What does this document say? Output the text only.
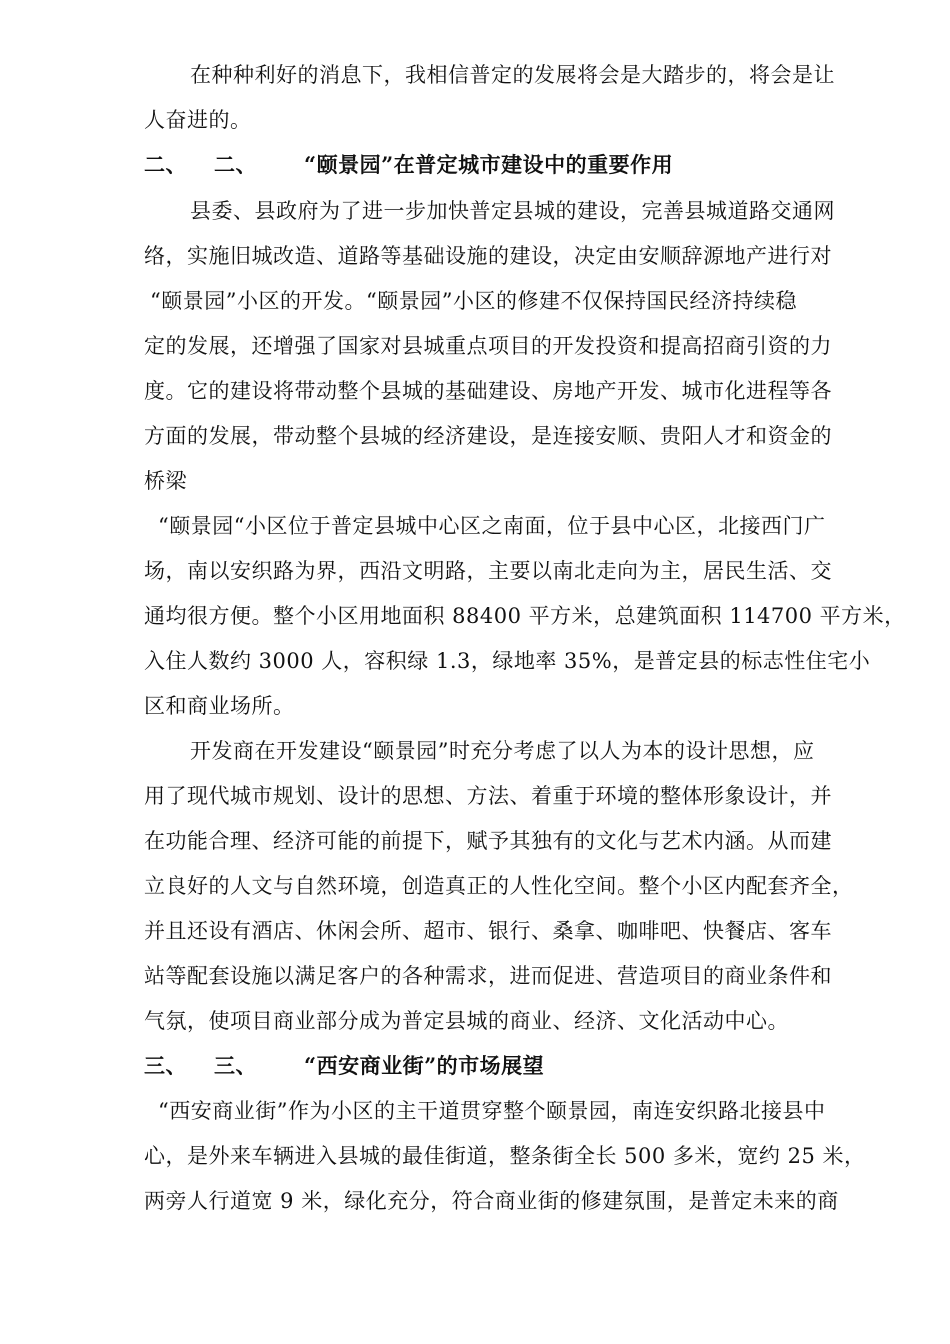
在种种利好的消息下，我相信普定的发展将会是大踏步的，将会是让
人奋进的。
二、 二、 “颐景园”在普定城市建设中的重要作用
县委、县政府为了进一步加快普定县城的建设，完善县城道路交通网
络，实施旧城改造、道路等基础设施的建设，决定由安顺辞源地产进行对
“颐景园”小区的开发。“颐景园”小区的修建不仅保持国民经济持续稳
定的发展，还增强了国家对县城重点项目的开发投资和提高招商引资的力
度。它的建设将带动整个县城的基础建设、房地产开发、城市化进程等各
方面的发展，带动整个县城的经济建设，是连接安顺、贵阳人才和资金的
桥梁
“颐景园“小区位于普定县城中心区之南面，位于县中心区，北接西门广
场，南以安织路为界，西沿文明路，主要以南北走向为主，居民生活、交
通均很方便。整个小区用地面积 88400 平方米，总建筑面积 114700 平方米，
入住人数约 3000 人，容积绿 1.3，绿地率 35%，是普定县的标志性住宅小
区和商业场所。
开发商在开发建设“颐景园”时充分考虑了以人为本的设计思想，应
用了现代城市规划、设计的思想、方法、着重于环境的整体形象设计，并
在功能合理、经济可能的前提下，赋予其独有的文化与艺术内涵。从而建
立良好的人文与自然环境，创造真正的人性化空间。整个小区内配套齐全，
并且还设有酒店、休闲会所、超市、银行、桑拿、咖啡吧、快餐店、客车
站等配套设施以满足客户的各种需求，进而促进、营造项目的商业条件和
气氛，使项目商业部分成为普定县城的商业、经济、文化活动中心。
三、 三、 “西安商业街”的市场展望
“西安商业街”作为小区的主干道贯穿整个颐景园，南连安织路北接县中
心，是外来车辆进入县城的最佳街道，整条街全长 500 多米，宽约 25 米，
两旁人行道宽 9 米，绿化充分，符合商业街的修建氛围，是普定未来的商
